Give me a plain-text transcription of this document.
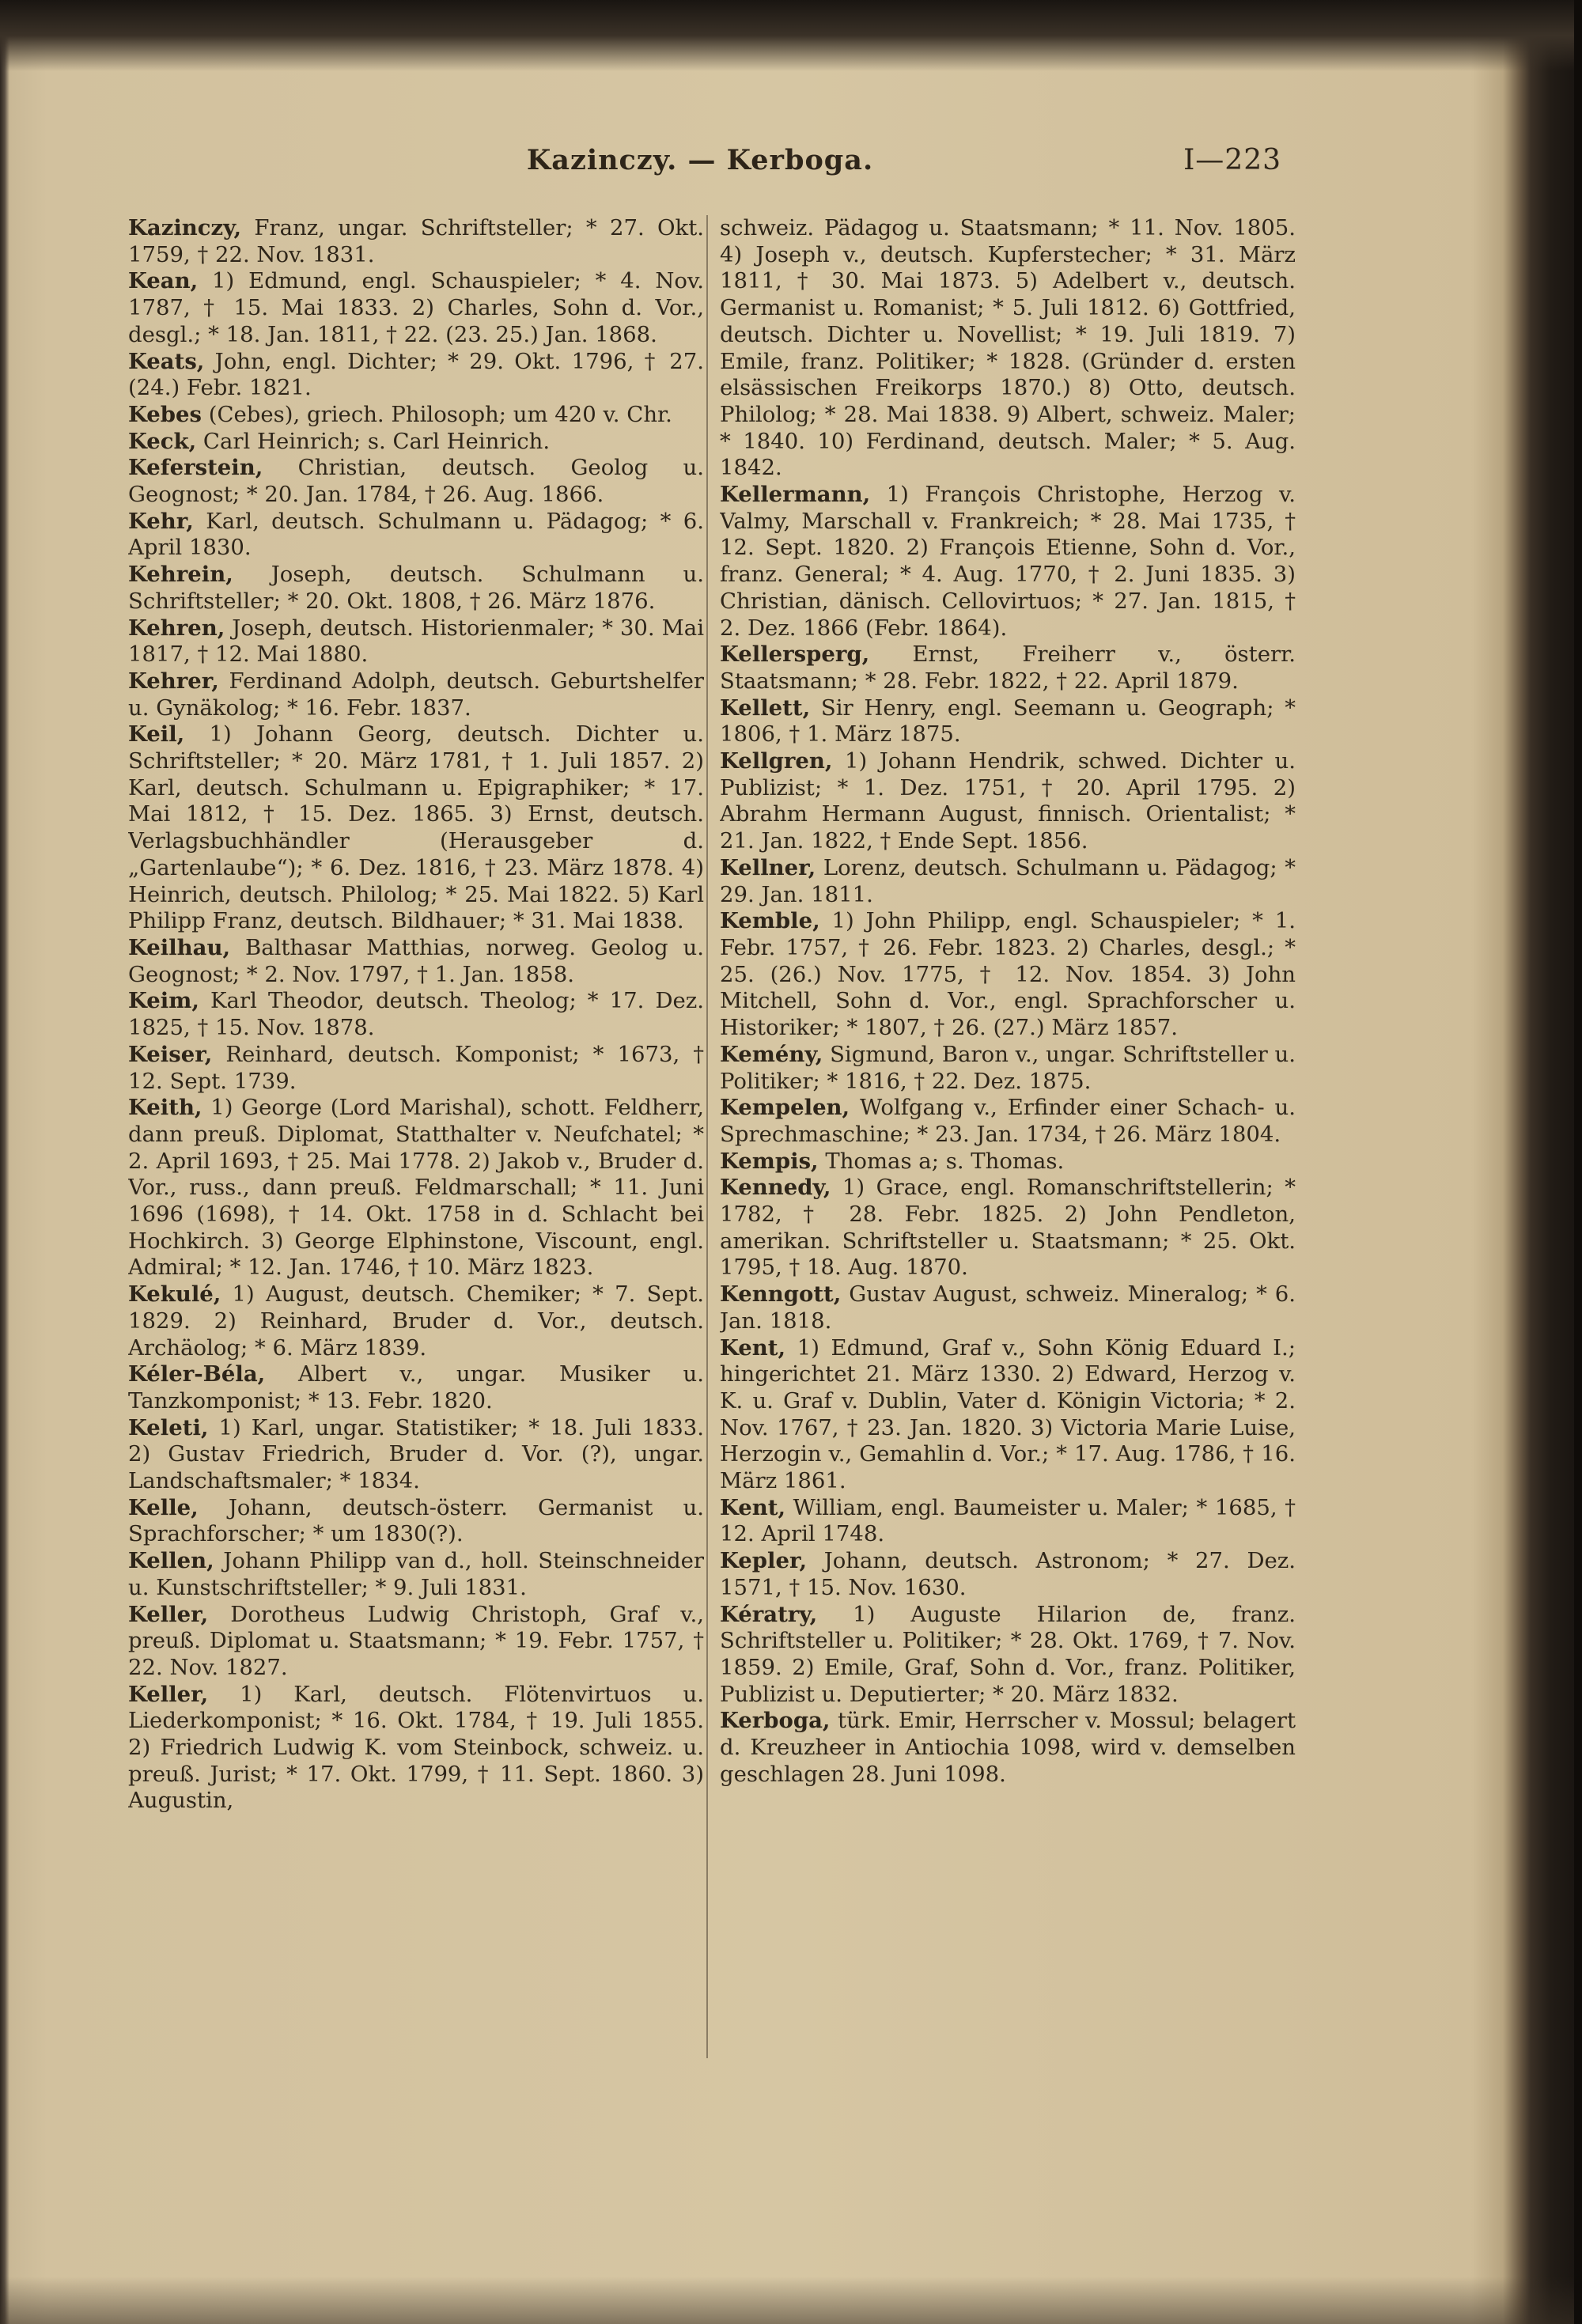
Kazinczy. — Kerboga.	I—223
Kazinczy, Franz, ungar. Schriftsteller; * 27. Okt. 1759, † 22. Nov. 1831.
Kean, 1) Edmund, engl. Schauspieler; * 4. Nov. 1787, † 15. Mai 1833. 2) Charles, Sohn d. Vor., desgl.; * 18. Jan. 1811, † 22. (23. 25.) Jan. 1868.
Keats, John, engl. Dichter; * 29. Okt. 1796, † 27. (24.) Febr. 1821.
Kebes (Cebes), griech. Philosoph; um 420 v. Chr.
Keck, Carl Heinrich; s. Carl Heinrich.
Keferstein, Christian, deutsch. Geolog u. Geognost; * 20. Jan. 1784, † 26. Aug. 1866.
Kehr, Karl, deutsch. Schulmann u. Pädagog; * 6. April 1830.
Kehrein, Joseph, deutsch. Schulmann u. Schriftsteller; * 20. Okt. 1808, † 26. März 1876.
Kehren, Joseph, deutsch. Historienmaler; * 30. Mai 1817, † 12. Mai 1880.
Kehrer, Ferdinand Adolph, deutsch. Geburtshelfer u. Gynäkolog; * 16. Febr. 1837.
Keil, 1) Johann Georg, deutsch. Dichter u. Schriftsteller; * 20. März 1781, † 1. Juli 1857. 2) Karl, deutsch. Schulmann u. Epigraphiker; * 17. Mai 1812, † 15. Dez. 1865. 3) Ernst, deutsch. Verlagsbuchhändler (Herausgeber d. „Gartenlaube“); * 6. Dez. 1816, † 23. März 1878. 4) Heinrich, deutsch. Philolog; * 25. Mai 1822. 5) Karl Philipp Franz, deutsch. Bildhauer; * 31. Mai 1838.
Keilhau, Balthasar Matthias, norweg. Geolog u. Geognost; * 2. Nov. 1797, † 1. Jan. 1858.
Keim, Karl Theodor, deutsch. Theolog; * 17. Dez. 1825, † 15. Nov. 1878.
Keiser, Reinhard, deutsch. Komponist; * 1673, † 12. Sept. 1739.
Keith, 1) George (Lord Marishal), schott. Feldherr, dann preuß. Diplomat, Statthalter v. Neufchatel; * 2. April 1693, † 25. Mai 1778. 2) Jakob v., Bruder d. Vor., russ., dann preuß. Feldmarschall; * 11. Juni 1696 (1698), † 14. Okt. 1758 in d. Schlacht bei Hochkirch. 3) George Elphinstone, Viscount, engl. Admiral; * 12. Jan. 1746, † 10. März 1823.
Kekulé, 1) August, deutsch. Chemiker; * 7. Sept. 1829. 2) Reinhard, Bruder d. Vor., deutsch. Archäolog; * 6. März 1839.
Kéler-Béla, Albert v., ungar. Musiker u. Tanzkomponist; * 13. Febr. 1820.
Keleti, 1) Karl, ungar. Statistiker; * 18. Juli 1833. 2) Gustav Friedrich, Bruder d. Vor. (?), ungar. Landschaftsmaler; * 1834.
Kelle, Johann, deutsch-österr. Germanist u. Sprachforscher; * um 1830(?).
Kellen, Johann Philipp van d., holl. Steinschneider u. Kunstschriftsteller; * 9. Juli 1831.
Keller, Dorotheus Ludwig Christoph, Graf v., preuß. Diplomat u. Staatsmann; * 19. Febr. 1757, † 22. Nov. 1827.
Keller, 1) Karl, deutsch. Flötenvirtuos u. Liederkomponist; * 16. Okt. 1784, † 19. Juli 1855. 2) Friedrich Ludwig K. vom Steinbock, schweiz. u. preuß. Jurist; * 17. Okt. 1799, † 11. Sept. 1860. 3) Augustin,
schweiz. Pädagog u. Staatsmann; * 11. Nov. 1805. 4) Joseph v., deutsch. Kupferstecher; * 31. März 1811, † 30. Mai 1873. 5) Adelbert v., deutsch. Germanist u. Romanist; * 5. Juli 1812. 6) Gottfried, deutsch. Dichter u. Novellist; * 19. Juli 1819. 7) Emile, franz. Politiker; * 1828. (Gründer d. ersten elsässischen Freikorps 1870.) 8) Otto, deutsch. Philolog; * 28. Mai 1838. 9) Albert, schweiz. Maler; * 1840. 10) Ferdinand, deutsch. Maler; * 5. Aug. 1842.
Kellermann, 1) François Christophe, Herzog v. Valmy, Marschall v. Frankreich; * 28. Mai 1735, † 12. Sept. 1820. 2) François Etienne, Sohn d. Vor., franz. General; * 4. Aug. 1770, † 2. Juni 1835. 3) Christian, dänisch. Cellovirtuos; * 27. Jan. 1815, † 2. Dez. 1866 (Febr. 1864).
Kellersperg, Ernst, Freiherr v., österr. Staatsmann; * 28. Febr. 1822, † 22. April 1879.
Kellett, Sir Henry, engl. Seemann u. Geograph; * 1806, † 1. März 1875.
Kellgren, 1) Johann Hendrik, schwed. Dichter u. Publizist; * 1. Dez. 1751, † 20. April 1795. 2) Abrahm Hermann August, finnisch. Orientalist; * 21. Jan. 1822, † Ende Sept. 1856.
Kellner, Lorenz, deutsch. Schulmann u. Pädagog; * 29. Jan. 1811.
Kemble, 1) John Philipp, engl. Schauspieler; * 1. Febr. 1757, † 26. Febr. 1823. 2) Charles, desgl.; * 25. (26.) Nov. 1775, † 12. Nov. 1854. 3) John Mitchell, Sohn d. Vor., engl. Sprachforscher u. Historiker; * 1807, † 26. (27.) März 1857.
Kemény, Sigmund, Baron v., ungar. Schriftsteller u. Politiker; * 1816, † 22. Dez. 1875.
Kempelen, Wolfgang v., Erfinder einer Schach- u. Sprechmaschine; * 23. Jan. 1734, † 26. März 1804.
Kempis, Thomas a; s. Thomas.
Kennedy, 1) Grace, engl. Romanschriftstellerin; * 1782, † 28. Febr. 1825. 2) John Pendleton, amerikan. Schriftsteller u. Staatsmann; * 25. Okt. 1795, † 18. Aug. 1870.
Kenngott, Gustav August, schweiz. Mineralog; * 6. Jan. 1818.
Kent, 1) Edmund, Graf v., Sohn König Eduard I.; hingerichtet 21. März 1330. 2) Edward, Herzog v. K. u. Graf v. Dublin, Vater d. Königin Victoria; * 2. Nov. 1767, † 23. Jan. 1820. 3) Victoria Marie Luise, Herzogin v., Gemahlin d. Vor.; * 17. Aug. 1786, † 16. März 1861.
Kent, William, engl. Baumeister u. Maler; * 1685, † 12. April 1748.
Kepler, Johann, deutsch. Astronom; * 27. Dez. 1571, † 15. Nov. 1630.
Kératry, 1) Auguste Hilarion de, franz. Schriftsteller u. Politiker; * 28. Okt. 1769, † 7. Nov. 1859. 2) Emile, Graf, Sohn d. Vor., franz. Politiker, Publizist u. Deputierter; * 20. März 1832.
Kerboga, türk. Emir, Herrscher v. Mossul; belagert d. Kreuzheer in Antiochia 1098, wird v. demselben geschlagen 28. Juni 1098.
